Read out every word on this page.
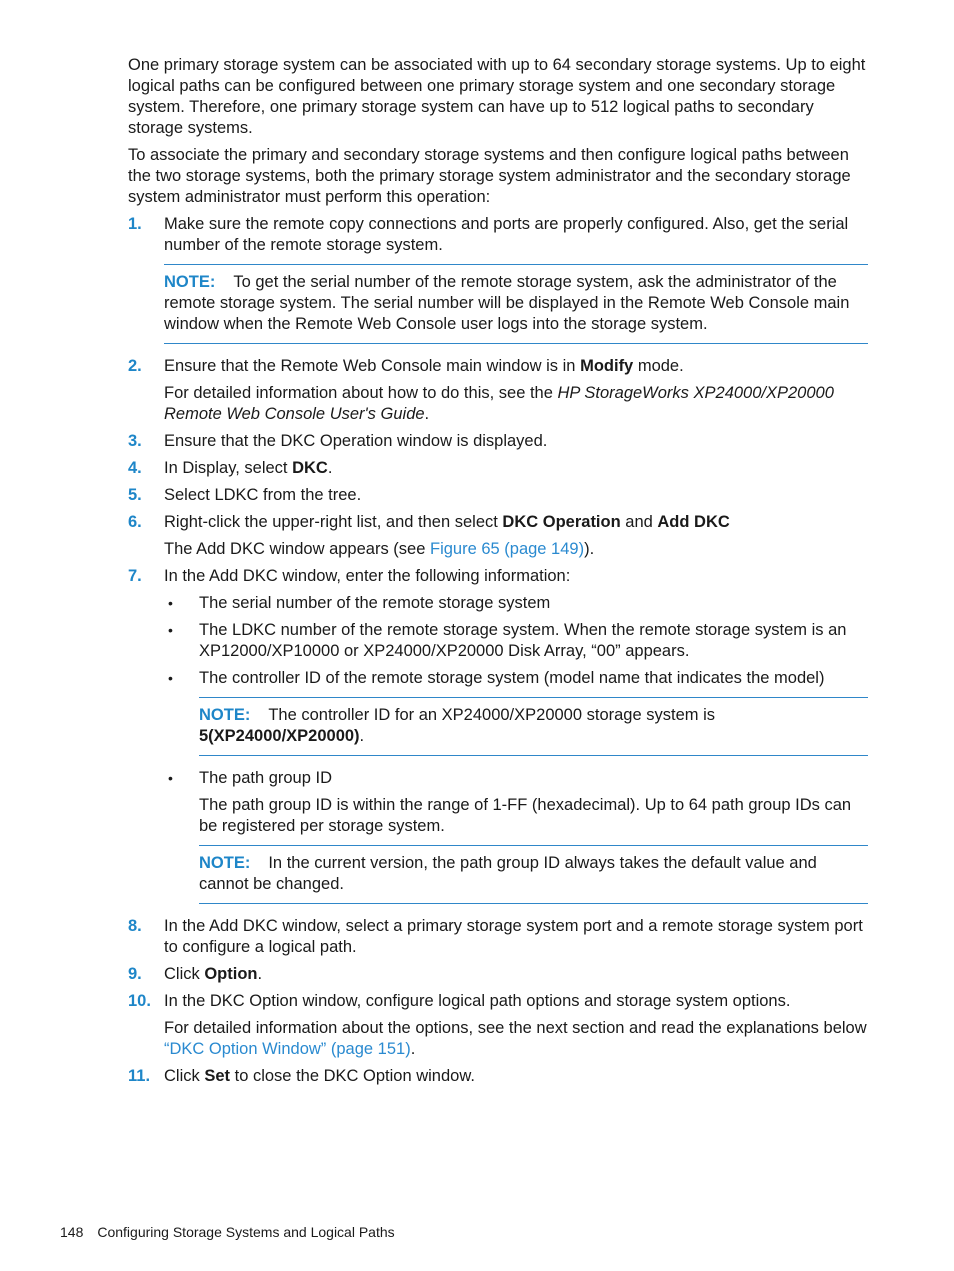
One primary storage system can be associated with up to 64 secondary storage systems. Up to eight logical paths can be configured between one primary storage system and one secondary storage system. Therefore, one primary storage system can have up to 512 logical paths to secondary storage systems.

To associate the primary and secondary storage systems and then configure logical paths between the two storage systems, both the primary storage system administrator and the secondary storage system administrator must perform this operation:

1. Make sure the remote copy connections and ports are properly configured. Also, get the serial number of the remote storage system.

NOTE: To get the serial number of the remote storage system, ask the administrator of the remote storage system. The serial number will be displayed in the Remote Web Console main window when the Remote Web Console user logs into the storage system.
2. Ensure that the Remote Web Console main window is in Modify mode.

For detailed information about how to do this, see the HP StorageWorks XP24000/XP20000 Remote Web Console User's Guide.

3. Ensure that the DKC Operation window is displayed.

4. In Display, select DKC.

5. Select LDKC from the tree.

6. Right-click the upper-right list, and then select DKC Operation and Add DKC

The Add DKC window appears (see Figure 65 (page 149)).

7. In the Add DKC window, enter the following information:

• The serial number of the remote storage system

• The LDKC number of the remote storage system. When the remote storage system is an XP12000/XP10000 or XP24000/XP20000 Disk Array, “00” appears.

• The controller ID of the remote storage system (model name that indicates the model)

NOTE: The controller ID for an XP24000/XP20000 storage system is 5(XP24000/XP20000).
• The path group ID

The path group ID is within the range of 1-FF (hexadecimal). Up to 64 path group IDs can be registered per storage system.

NOTE: In the current version, the path group ID always takes the default value and cannot be changed.
8. In the Add DKC window, select a primary storage system port and a remote storage system port to configure a logical path.

9. Click Option.

10. In the DKC Option window, configure logical path options and storage system options.

For detailed information about the options, see the next section and read the explanations below “DKC Option Window” (page 151).

11. Click Set to close the DKC Option window.

148 Configuring Storage Systems and Logical Paths
